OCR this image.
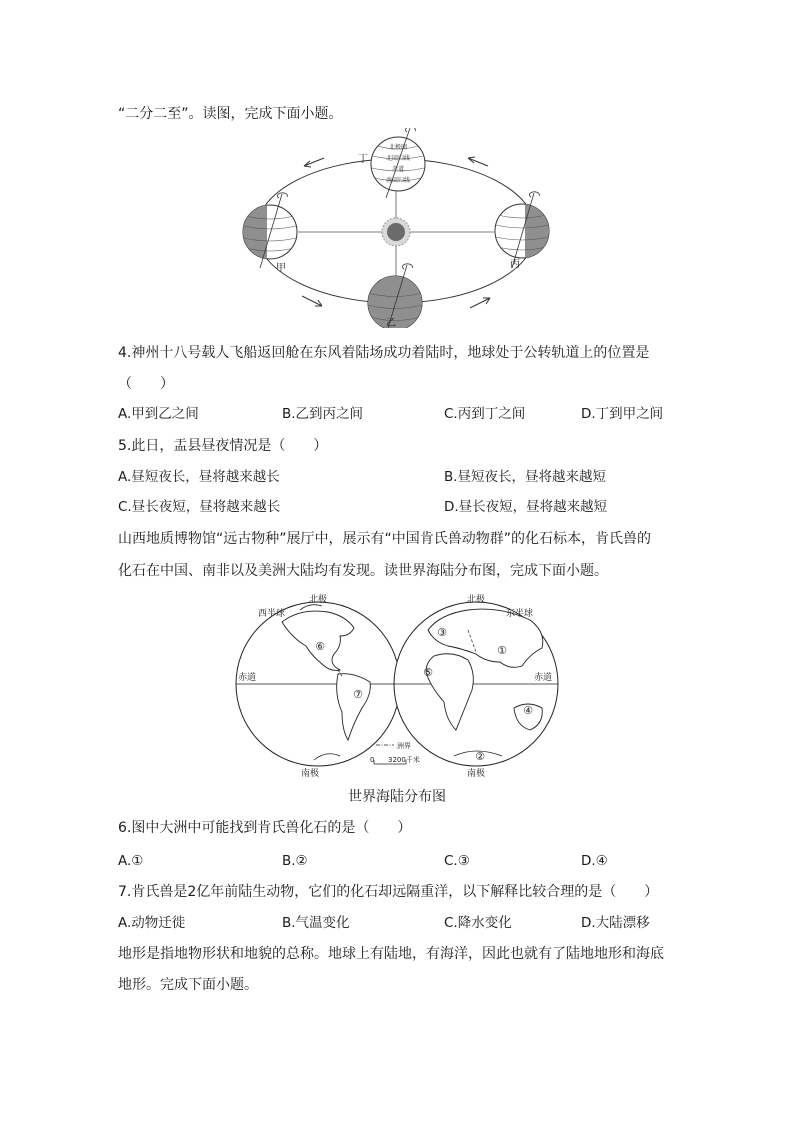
“二分二至”。读图，完成下面小题。
北极圈
北回归线
赤道
南回归线
甲
乙
丙
丁
4.神州十八号载人飞船返回舱在东风着陆场成功着陆时，地球处于公转轨道上的位置是
（　　）
A.甲到乙之间	B.乙到丙之间	C.丙到丁之间	D.丁到甲之间
5.此日，盂县昼夜情况是（　　）
A.昼短夜长，昼将越来越长	B.昼短夜长，昼将越来越短
C.昼长夜短，昼将越来越长	D.昼长夜短，昼将越来越短
山西地质博物馆“远古物种”展厅中，展示有“中国肯氏兽动物群”的化石标本，肯氏兽的
化石在中国、南非以及美洲大陆均有发现。读世界海陆分布图，完成下面小题。
①
②
③
④
⑤
⑥
⑦
北极	北极
南极	南极
西半球	东半球
赤道	赤道
洲界
0 3200千米
世界海陆分布图
6.图中大洲中可能找到肯氏兽化石的是（　　）
A.①	B.②	C.③	D.④
7.肯氏兽是2亿年前陆生动物，它们的化石却远隔重洋，以下解释比较合理的是（　　）
A.动物迁徙	B.气温变化	C.降水变化	D.大陆漂移
地形是指地物形状和地貌的总称。地球上有陆地，有海洋，因此也就有了陆地地形和海底
地形。完成下面小题。
